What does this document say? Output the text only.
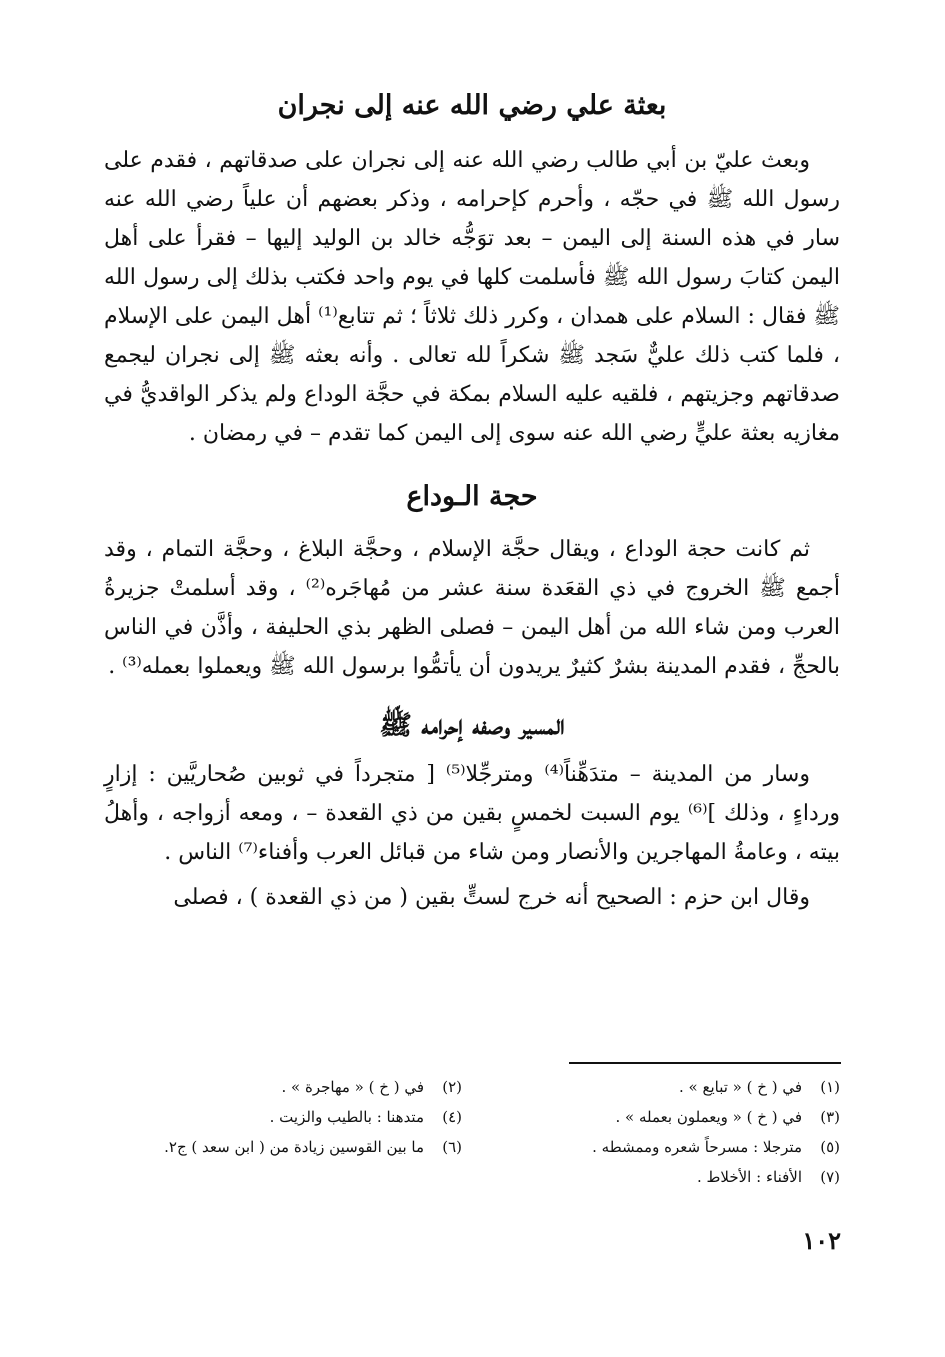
بعثة علي رضي الله عنه إلى نجران

وبعث عليّ بن أبي طالب رضي الله عنه إلى نجران على صدقاتهم ، فقدم على رسول الله ﷺ في حجّه ، وأحرم كإحرامه ، وذكر بعضهم أن علياً رضي الله عنه سار في هذه السنة إلى اليمن – بعد توَجُّه خالد بن الوليد إليها – فقرأ على أهل اليمن كتابَ رسول الله ﷺ فأسلمت كلها في يوم واحد فكتب بذلك إلى رسول الله ﷺ فقال : السلام على همدان ، وكرر ذلك ثلاثاً ؛ ثم تتابع⁽¹⁾ أهل اليمن على الإسلام ، فلما كتب ذلك عليٌّ سَجد ﷺ شكراً لله تعالى . وأنه بعثه ﷺ إلى نجران ليجمع صدقاتهم وجزيتهم ، فلقيه عليه السلام بمكة في حجَّة الوداع ولم يذكر الواقديُّ في مغازيه بعثة عليٍّ رضي الله عنه سوى إلى اليمن كما تقدم – في رمضان .

حجة الـوداع

ثم كانت حجة الوداع ، ويقال حجَّة الإسلام ، وحجَّة البلاغ ، وحجَّة التمام ، وقد أجمع ﷺ الخروج في ذي القعَدة سنة عشر من مُهاجَره⁽²⁾ ، وقد أسلمتْ جزيرةُ العرب ومن شاء الله من أهل اليمن – فصلى الظهر بذي الحليفة ، وأذَّن في الناس بالحجِّ ، فقدم المدينة بشرٌ كثيرٌ يريدون أن يأتمُّوا برسول الله ﷺ ويعملوا بعمله⁽³⁾ .

المسير وصفه إحرامه ﷺ

وسار من المدينة – متدَهِّناً⁽⁴⁾ ومترجِّلا⁽⁵⁾ [ متجرداً في ثوبين صُحاريَّين : إزارٍ ورداءٍ ، وذلك ]⁽⁶⁾ يوم السبت لخمسٍ بقين من ذي القعدة – ، ومعه أزواجه ، وأهلُ بيته ، وعامةُ المهاجرين والأنصار ومن شاء من قبائل العرب وأفناء⁽⁷⁾ الناس .

وقال ابن حزم : الصحيح أنه خرج لستٍّ بقين ( من ذي القعدة ) ، فصلى

(١)في ( خ ) « تبايع » .
(٢)في ( خ ) « مهاجرة » .
(٣)في ( خ ) « ويعملون بعمله » .
(٤)متدهنا : بالطيب والزيت .
(٥)مترجلا : مسرحاً شعره وممشطه .
(٦)ما بين القوسين زيادة من ( ابن سعد ) ج٢.
(٧)الأفناء : الأخلاط .
١٠٢
